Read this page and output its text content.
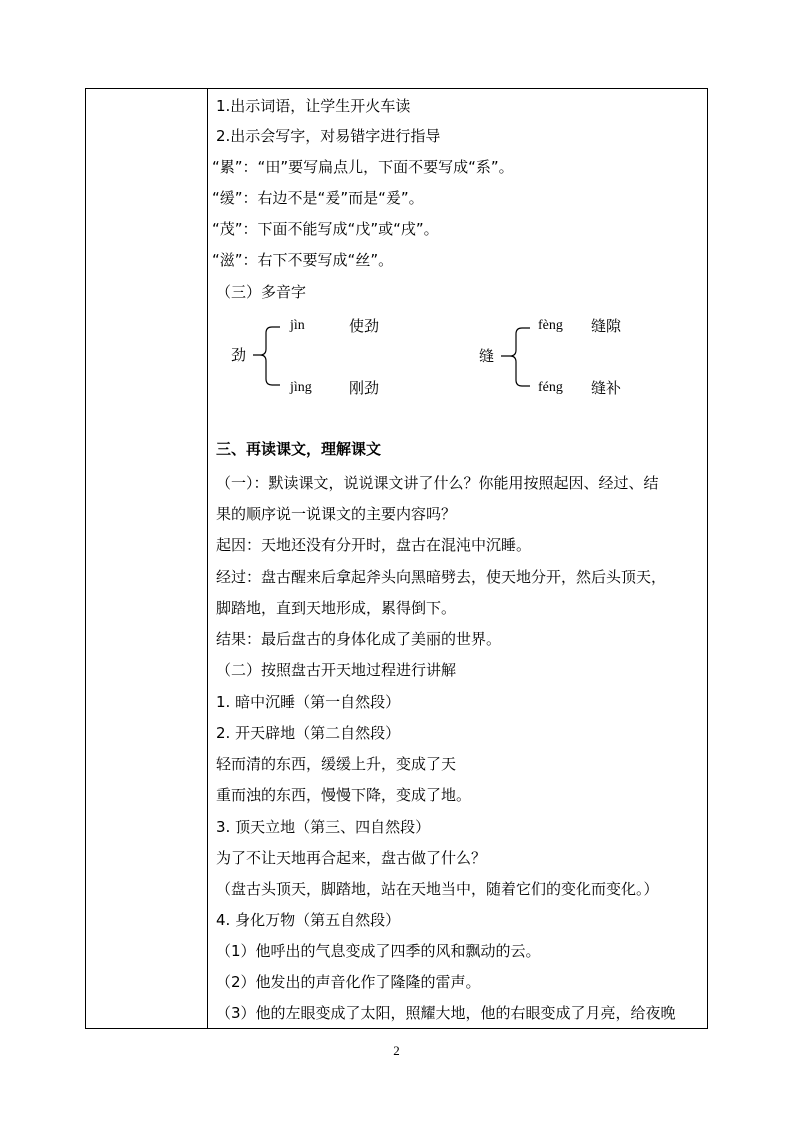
1.出示词语，让学生开火车读
2.出示会写字，对易错字进行指导
“累”：“田”要写扁点儿，下面不要写成“系”。
“缓”：右边不是“爰”而是“爰”。
“茂”：下面不能写成“戊”或“戌”。
“滋”：右下不要写成“丝”。
（三）多音字
劲
jìn	使劲
jìng 刚劲
缝
fèng 缝隙
féng 缝补
三、再读课文，理解课文
（一）：默读课文，说说课文讲了什么？你能用按照起因、经过、结
果的顺序说一说课文的主要内容吗？
起因：天地还没有分开时，盘古在混沌中沉睡。
经过：盘古醒来后拿起斧头向黑暗劈去，使天地分开，然后头顶天，
脚踏地，直到天地形成，累得倒下。
结果：最后盘古的身体化成了美丽的世界。
（二）按照盘古开天地过程进行讲解
1. 暗中沉睡（第一自然段）
2. 开天辟地（第二自然段）
轻而清的东西，缓缓上升，变成了天
重而浊的东西，慢慢下降，变成了地。
3. 顶天立地（第三、四自然段）
为了不让天地再合起来，盘古做了什么？
（盘古头顶天，脚踏地，站在天地当中，随着它们的变化而变化。）
4. 身化万物（第五自然段）
（1）他呼出的气息变成了四季的风和飘动的云。
（2）他发出的声音化作了隆隆的雷声。
（3）他的左眼变成了太阳，照耀大地，他的右眼变成了月亮，给夜晚
2
